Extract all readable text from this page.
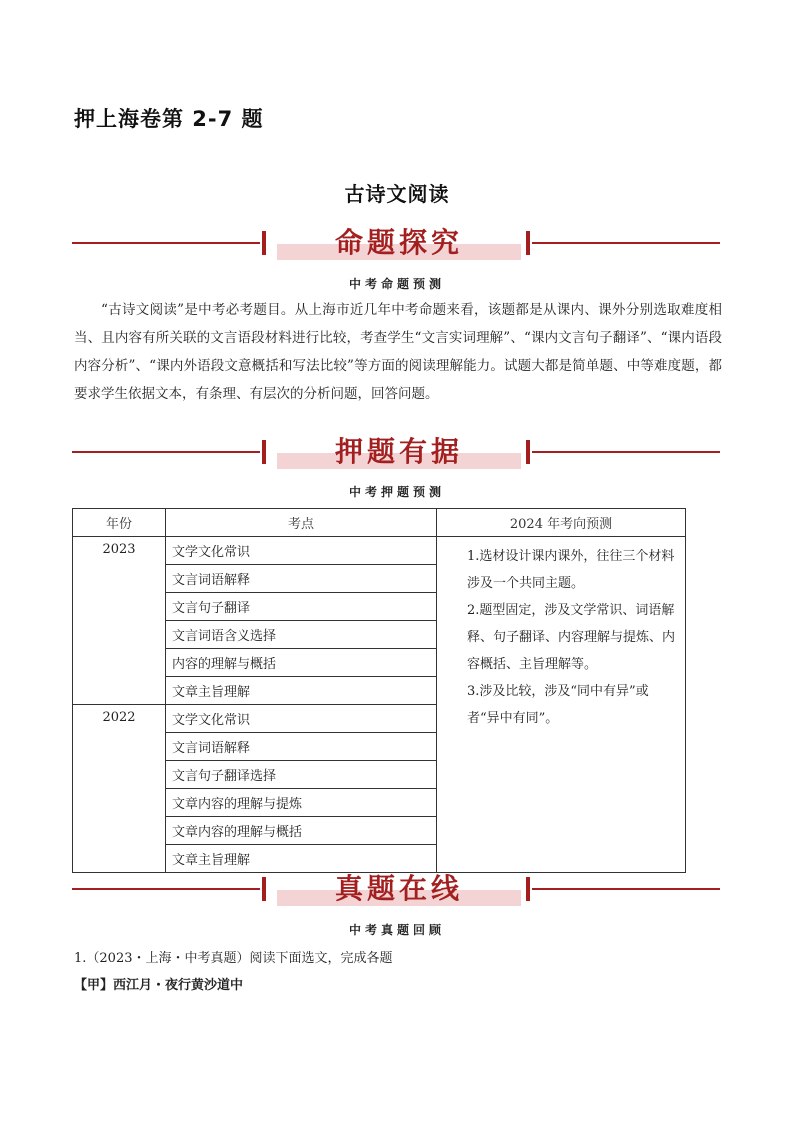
押上海卷第 2-7 题
古诗文阅读
命题探究
中考命题预测

“古诗文阅读”是中考必考题目。从上海市近几年中考命题来看，该题都是从课内、课外分别选取难度相当、且内容有所关联的文言语段材料进行比较，考查学生“文言实词理解”、“课内文言句子翻译”、“课内语段内容分析”、“课内外语段文意概括和写法比较”等方面的阅读理解能力。试题大都是简单题、中等难度题，都要求学生依据文本，有条理、有层次的分析问题，回答问题。

押题有据
中考押题预测
年份	考点	2024 年考向预测
2023	文学文化常识	1.选材设计课内课外，往往三个材料涉及一个共同主题。

2.题型固定，涉及文学常识、词语解释、句子翻译、内容理解与提炼、内容概括、主旨理解等。

3.涉及比较，涉及“同中有异”或者“异中有同”。

	文言词语解释	
	文言句子翻译	
	文言词语含义选择	
	内容的理解与概括	
	文章主旨理解	
2022	文学文化常识	
	文言词语解释	
	文言句子翻译选择	
	文章内容的理解与提炼	
	文章内容的理解与概括	
	文章主旨理解	
真题在线
中考真题回顾
1.（2023・上海・中考真题）阅读下面选文，完成各题
【甲】西江月・夜行黄沙道中
